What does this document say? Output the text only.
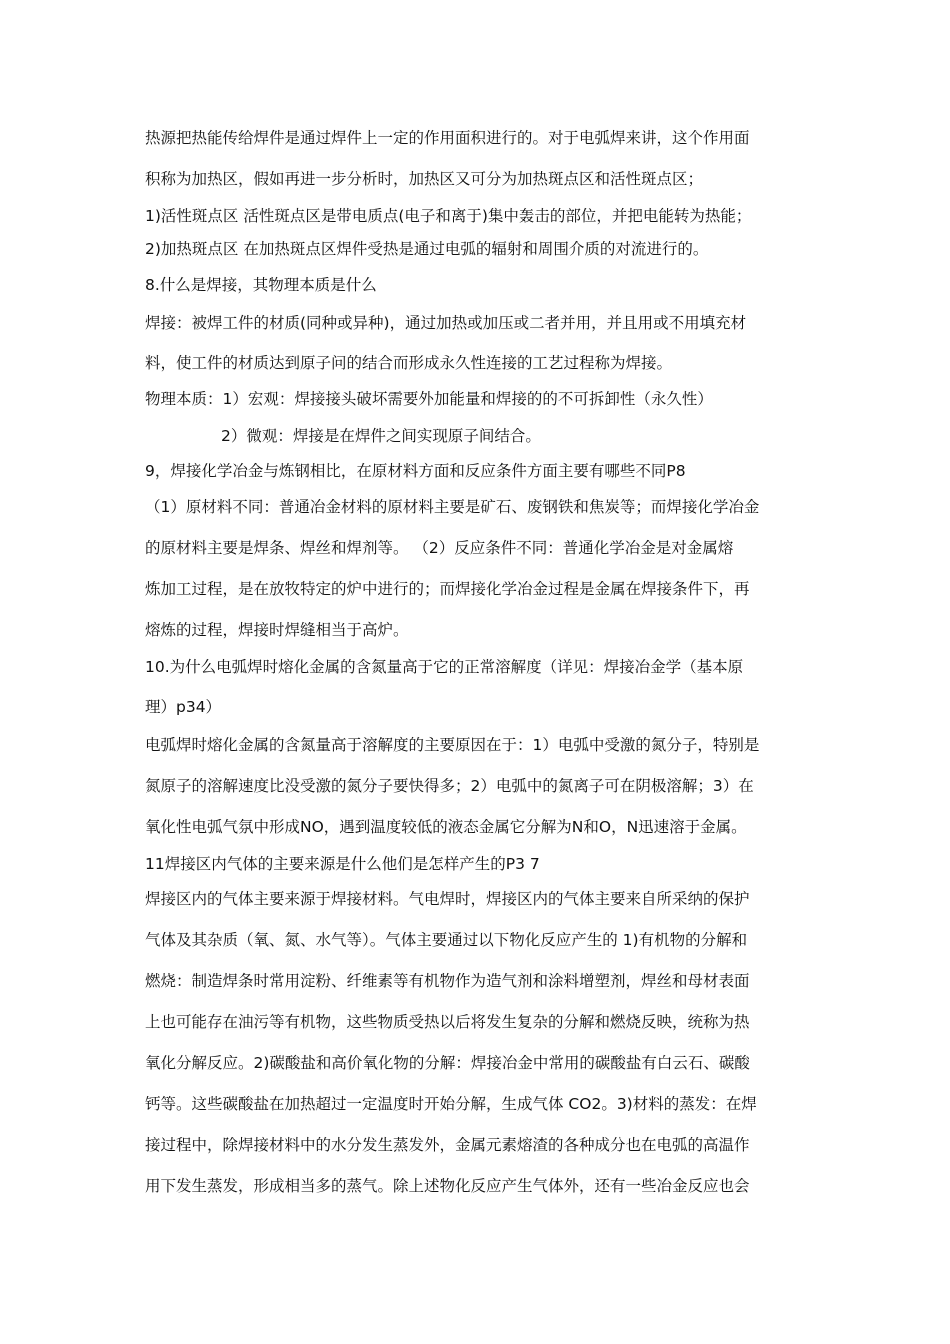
热源把热能传给焊件是通过焊件上一定的作用面积进行的。对于电弧焊来讲，这个作用面
积称为加热区，假如再进一步分析时，加热区又可分为加热斑点区和活性斑点区；
1)活性斑点区 活性斑点区是带电质点(电子和离于)集中轰击的部位，并把电能转为热能；
2)加热斑点区 在加热斑点区焊件受热是通过电弧的辐射和周围介质的对流进行的。
8.什么是焊接，其物理本质是什么
焊接：被焊工件的材质(同种或异种)，通过加热或加压或二者并用，并且用或不用填充材
料，使工件的材质达到原子问的结合而形成永久性连接的工艺过程称为焊接。
物理本质：1）宏观：焊接接头破坏需要外加能量和焊接的的不可拆卸性（永久性）
2）微观：焊接是在焊件之间实现原子间结合。
9，焊接化学冶金与炼钢相比，在原材料方面和反应条件方面主要有哪些不同P8
（1）原材料不同：普通冶金材料的原材料主要是矿石、废钢铁和焦炭等；而焊接化学冶金
的原材料主要是焊条、焊丝和焊剂等。 （2）反应条件不同：普通化学冶金是对金属熔
炼加工过程，是在放牧特定的炉中进行的；而焊接化学冶金过程是金属在焊接条件下，再
熔炼的过程，焊接时焊缝相当于高炉。
10.为什么电弧焊时熔化金属的含氮量高于它的正常溶解度（详见：焊接冶金学（基本原
理）p34）
电弧焊时熔化金属的含氮量高于溶解度的主要原因在于：1）电弧中受激的氮分子，特别是
氮原子的溶解速度比没受激的氮分子要快得多；2）电弧中的氮离子可在阴极溶解；3）在
氧化性电弧气氛中形成NO，遇到温度较低的液态金属它分解为N和O，N迅速溶于金属。
11焊接区内气体的主要来源是什么他们是怎样产生的P3 7
焊接区内的气体主要来源于焊接材料。气电焊时，焊接区内的气体主要来自所采纳的保护
气体及其杂质（氧、氮、水气等）。气体主要通过以下物化反应产生的 1)有机物的分解和
燃烧：制造焊条时常用淀粉、纤维素等有机物作为造气剂和涂料增塑剂，焊丝和母材表面
上也可能存在油污等有机物，这些物质受热以后将发生复杂的分解和燃烧反映，统称为热
氧化分解反应。2)碳酸盐和高价氧化物的分解：焊接冶金中常用的碳酸盐有白云石、碳酸
钙等。这些碳酸盐在加热超过一定温度时开始分解，生成气体 CO2。3)材料的蒸发：在焊
接过程中，除焊接材料中的水分发生蒸发外，金属元素熔渣的各种成分也在电弧的高温作
用下发生蒸发，形成相当多的蒸气。除上述物化反应产生气体外，还有一些冶金反应也会
